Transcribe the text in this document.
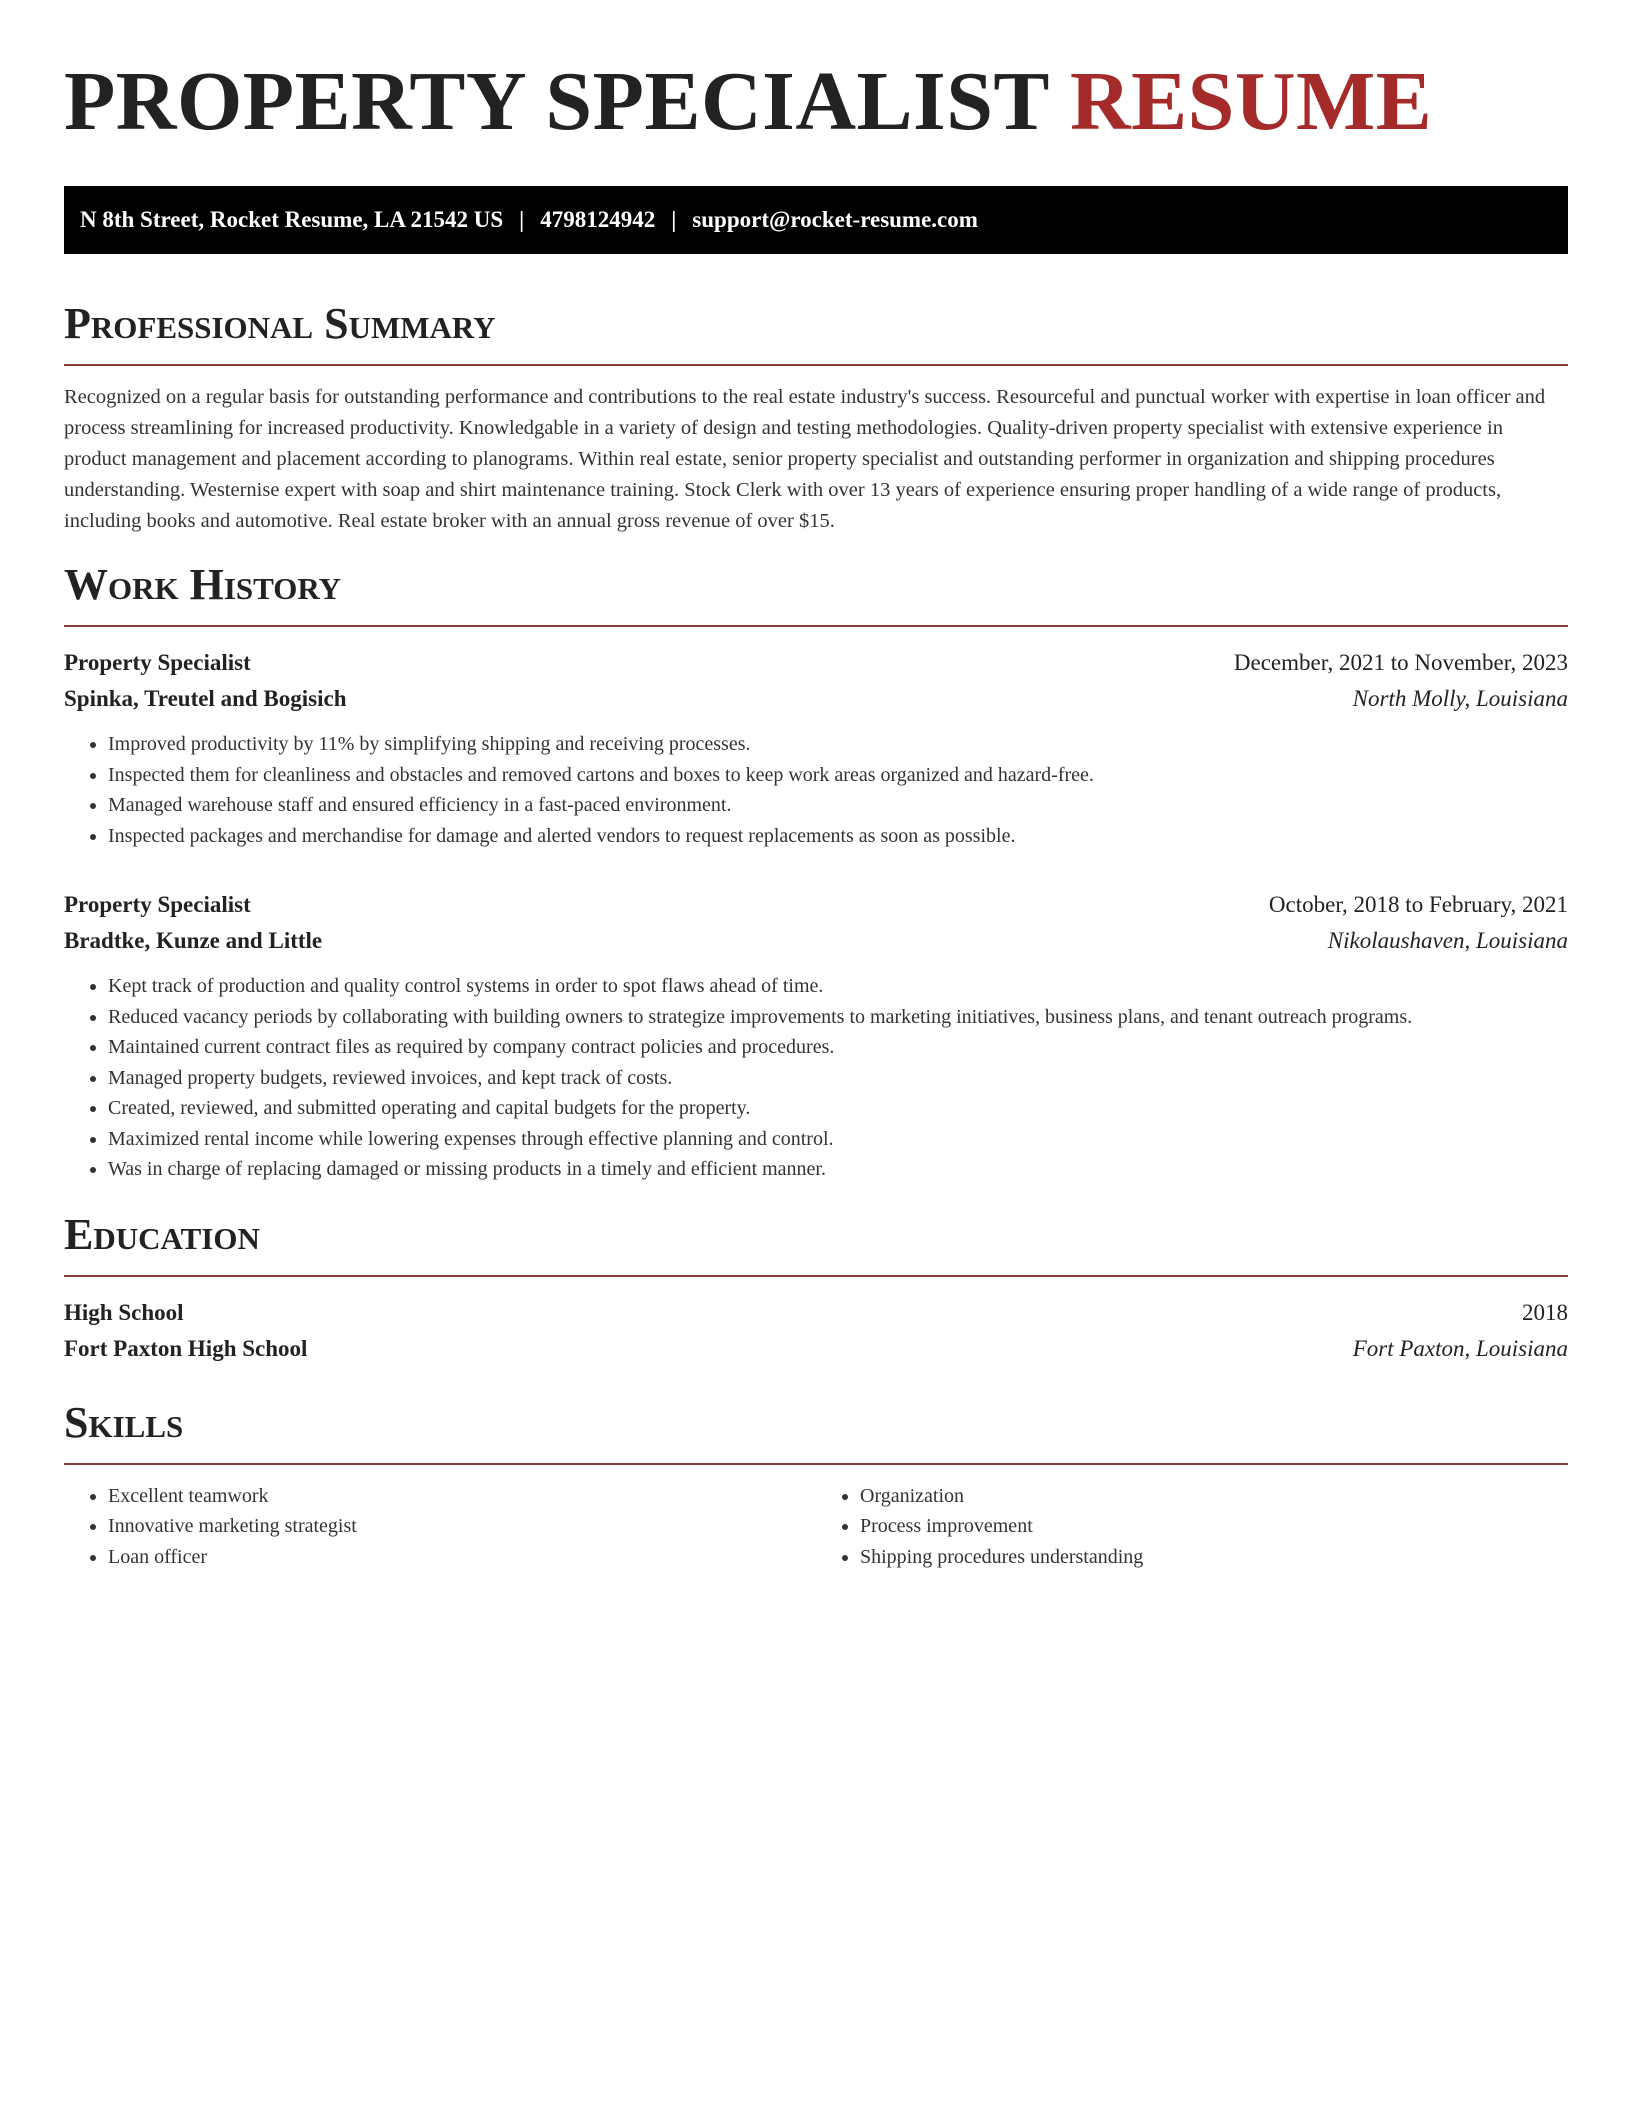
PROPERTY SPECIALIST RESUME
N 8th Street, Rocket Resume, LA 21542 US | 4798124942 | support@rocket-resume.com
Professional Summary

Recognized on a regular basis for outstanding performance and contributions to the real estate industry's success. Resourceful and punctual worker with expertise in loan officer and process streamlining for increased productivity. Knowledgable in a variety of design and testing methodologies. Quality-driven property specialist with extensive experience in product management and placement according to planograms. Within real estate, senior property specialist and outstanding performer in organization and shipping procedures understanding. Westernise expert with soap and shirt maintenance training. Stock Clerk with over 13 years of experience ensuring proper handling of a wide range of products, including books and automotive. Real estate broker with an annual gross revenue of over $15.

Work History
Property Specialist	December, 2021 to November, 2023
Spinka, Treutel and Bogisich	North Molly, Louisiana
• Improved productivity by 11% by simplifying shipping and receiving processes.
• Inspected them for cleanliness and obstacles and removed cartons and boxes to keep work areas organized and hazard-free.
• Managed warehouse staff and ensured efficiency in a fast-paced environment.
• Inspected packages and merchandise for damage and alerted vendors to request replacements as soon as possible.
Property Specialist	October, 2018 to February, 2021
Bradtke, Kunze and Little	Nikolaushaven, Louisiana
• Kept track of production and quality control systems in order to spot flaws ahead of time.
• Reduced vacancy periods by collaborating with building owners to strategize improvements to marketing initiatives, business plans, and tenant outreach programs.
• Maintained current contract files as required by company contract policies and procedures.
• Managed property budgets, reviewed invoices, and kept track of costs.
• Created, reviewed, and submitted operating and capital budgets for the property.
• Maximized rental income while lowering expenses through effective planning and control.
• Was in charge of replacing damaged or missing products in a timely and efficient manner.
Education
High School	2018
Fort Paxton High School	Fort Paxton, Louisiana
Skills
• Excellent teamwork
• Innovative marketing strategist
• Loan officer
• Organization
• Process improvement
• Shipping procedures understanding
